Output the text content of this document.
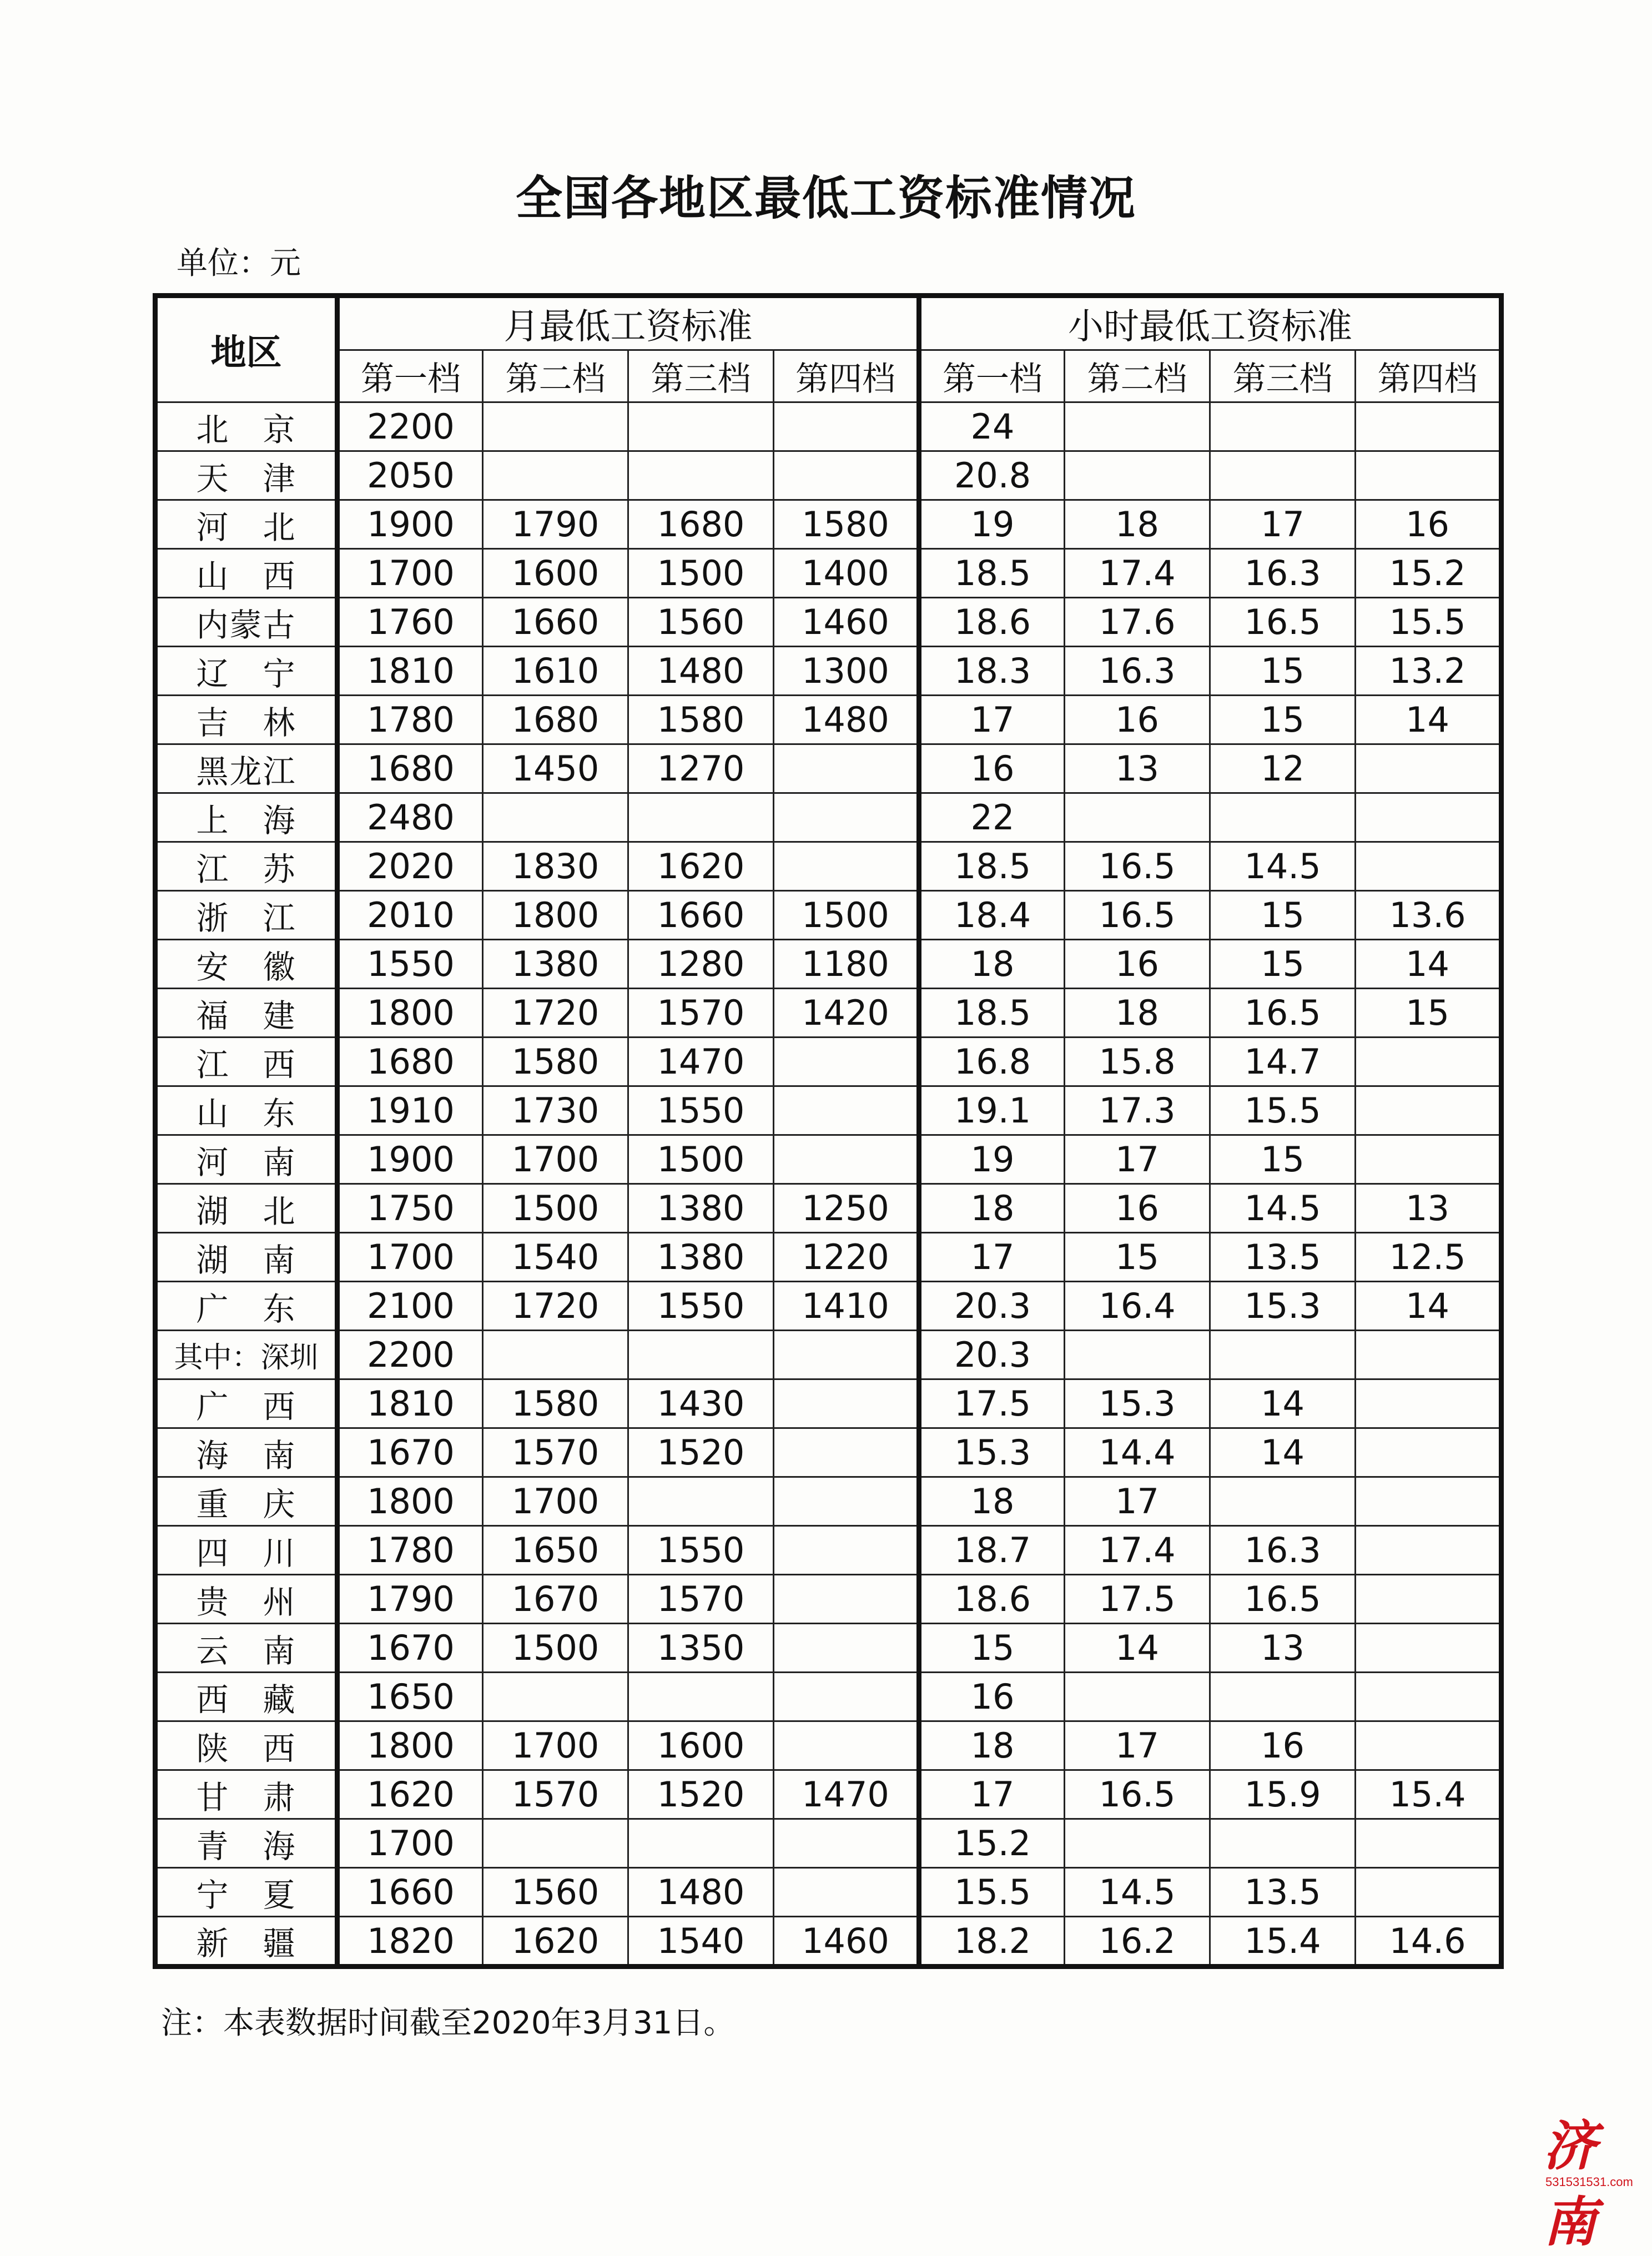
全国各地区最低工资标准情况
单位：元
地区	月最低工资标准				小时最低工资标准			
	第一档	第二档	第三档	第四档	第一档	第二档	第三档	第四档
北　京	2200				24			
天　津	2050				20.8			
河　北	1900	1790	1680	1580	19	18	17	16
山　西	1700	1600	1500	1400	18.5	17.4	16.3	15.2
内蒙古	1760	1660	1560	1460	18.6	17.6	16.5	15.5
辽　宁	1810	1610	1480	1300	18.3	16.3	15	13.2
吉　林	1780	1680	1580	1480	17	16	15	14
黑龙江	1680	1450	1270		16	13	12	
上　海	2480				22			
江　苏	2020	1830	1620		18.5	16.5	14.5	
浙　江	2010	1800	1660	1500	18.4	16.5	15	13.6
安　徽	1550	1380	1280	1180	18	16	15	14
福　建	1800	1720	1570	1420	18.5	18	16.5	15
江　西	1680	1580	1470		16.8	15.8	14.7	
山　东	1910	1730	1550		19.1	17.3	15.5	
河　南	1900	1700	1500		19	17	15	
湖　北	1750	1500	1380	1250	18	16	14.5	13
湖　南	1700	1540	1380	1220	17	15	13.5	12.5
广　东	2100	1720	1550	1410	20.3	16.4	15.3	14
其中：深圳	2200				20.3			
广　西	1810	1580	1430		17.5	15.3	14	
海　南	1670	1570	1520		15.3	14.4	14	
重　庆	1800	1700			18	17		
四　川	1780	1650	1550		18.7	17.4	16.3	
贵　州	1790	1670	1570		18.6	17.5	16.5	
云　南	1670	1500	1350		15	14	13	
西　藏	1650				16			
陕　西	1800	1700	1600		18	17	16	
甘　肃	1620	1570	1520	1470	17	16.5	15.9	15.4
青　海	1700				15.2			
宁　夏	1660	1560	1480		15.5	14.5	13.5	
新　疆	1820	1620	1540	1460	18.2	16.2	15.4	14.6
注：本表数据时间截至2020年3月31日。
济南
531531531.com
